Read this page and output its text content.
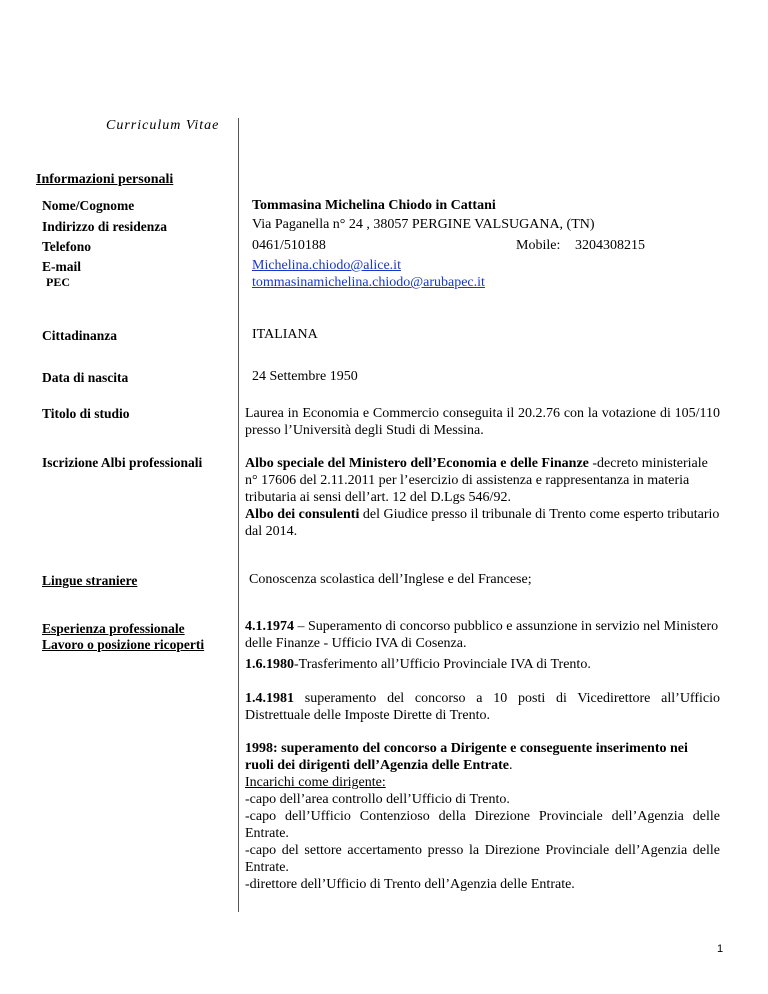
Curriculum Vitae
Informazioni personali
Nome/Cognome	Tommasina Michelina Chiodo in Cattani
Indirizzo di residenza	Via Paganella n° 24 , 38057 PERGINE VALSUGANA, (TN)
Telefono	0461/510188	Mobile: 3204308215
E-mail	Michelina.chiodo@alice.it
PEC	tommasinamichelina.chiodo@arubapec.it
Cittadinanza	ITALIANA
Data di nascita	24 Settembre 1950
Titolo di studio	Laurea in Economia e Commercio conseguita il 20.2.76 con la votazione di 105/110 presso l’Università degli Studi di Messina.
Iscrizione Albi professionali	Albo speciale del Ministero dell’Economia e delle Finanze -decreto ministeriale n° 17606 del 2.11.2011 per l’esercizio di assistenza e rappresentanza in materia tributaria ai sensi dell’art. 12 del D.Lgs 546/92.
Albo dei consulenti del Giudice presso il tribunale di Trento come esperto tributario dal 2014.
Lingue straniere	Conoscenza scolastica dell’Inglese e del Francese;
Esperienza professionale
Lavoro o posizione ricoperti
4.1.1974 – Superamento di concorso pubblico e assunzione in servizio nel Ministero delle Finanze - Ufficio IVA di Cosenza.
1.6.1980-Trasferimento all’Ufficio Provinciale IVA di Trento.
1.4.1981 superamento del concorso a 10 posti di Vicedirettore all’Ufficio Distrettuale delle Imposte Dirette di Trento.
1998: superamento del concorso a Dirigente e conseguente inserimento nei ruoli dei dirigenti dell’Agenzia delle Entrate.
Incarichi come dirigente:
-capo dell’area controllo dell’Ufficio di Trento.
-capo dell’Ufficio Contenzioso della Direzione Provinciale dell’Agenzia delle Entrate.
-capo del settore accertamento presso la Direzione Provinciale dell’Agenzia delle Entrate.
-direttore dell’Ufficio di Trento dell’Agenzia delle Entrate.
1
